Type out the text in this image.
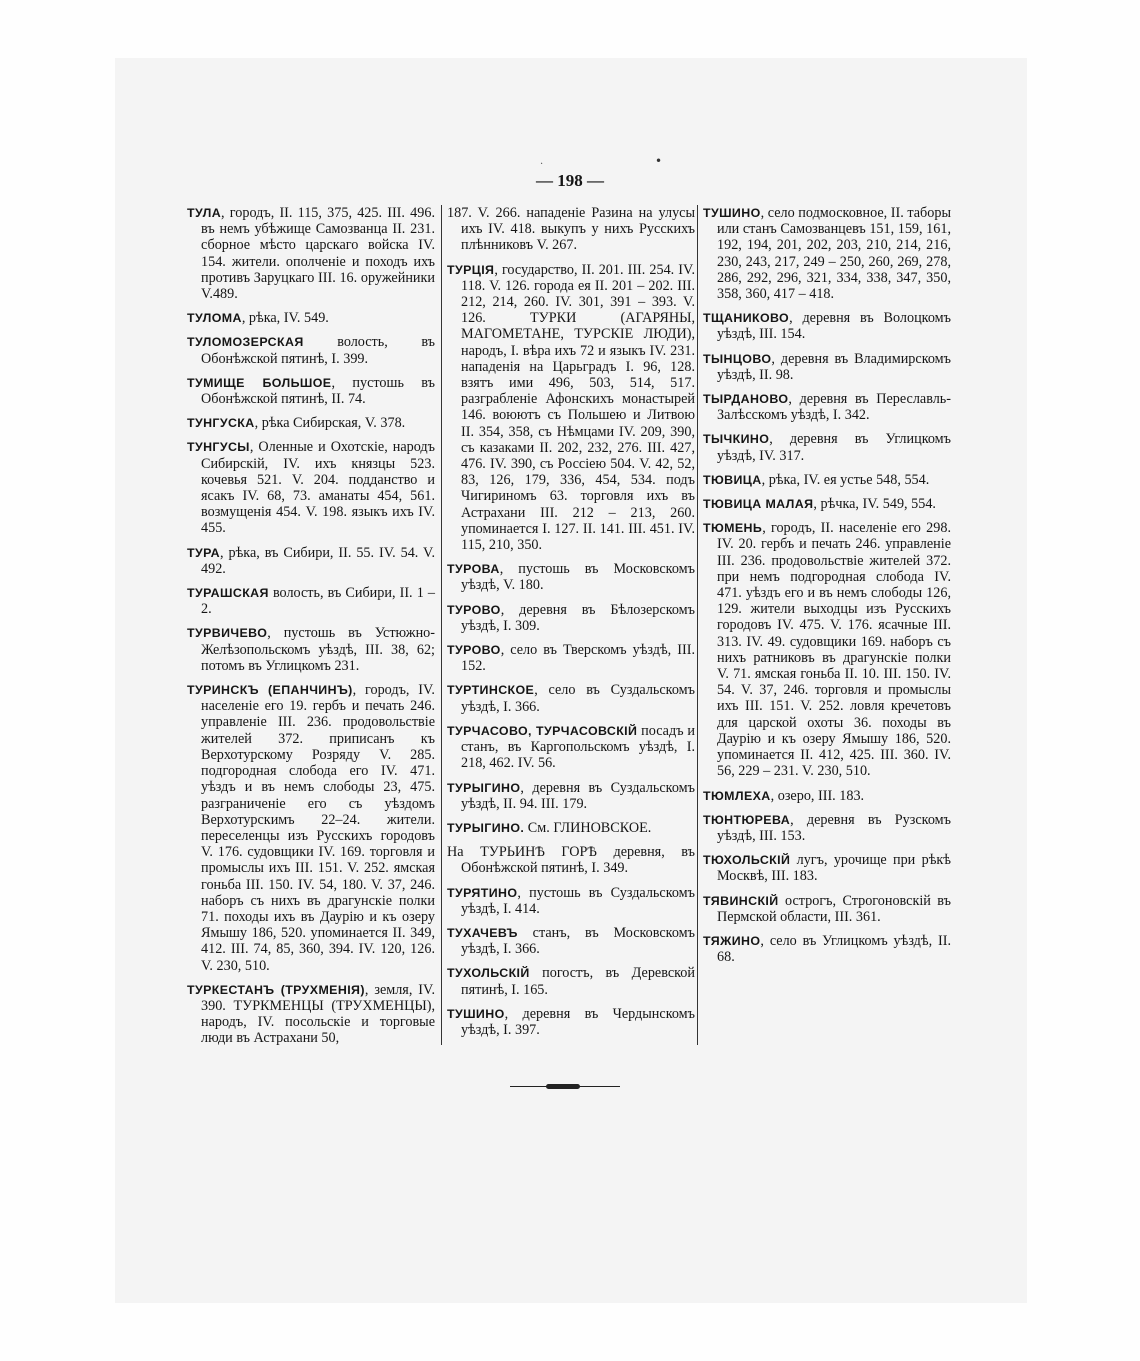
.	•
— 198 —

ТУЛА, городъ, II. 115, 375, 425. III. 496. въ немъ убѣжище Самозванца II. 231. сборное мѣсто царскаго войска IV. 154. жители. ополченіе и походъ ихъ противъ Заруцкаго III. 16. оружейники V.489.

ТУЛОМА, рѣка, IV. 549.

ТУЛОМОЗЕРСКАЯ волость, въ Обонѣжской пятинѣ, I. 399.

ТУМИЩЕ БОЛЬШОЕ, пустошь въ Обонѣжской пятинѣ, II. 74.

ТУНГУСКА, рѣка Сибирская, V. 378.

ТУНГУСЫ, Оленные и Охотскіе, народъ Сибирскій, IV. ихъ князцы 523. кочевья 521. V. 204. подданство и ясакъ IV. 68, 73. аманаты 454, 561. возмущенія 454. V. 198. языкъ ихъ IV. 455.

ТУРА, рѣка, въ Сибири, II. 55. IV. 54. V. 492.

ТУРАШСКАЯ волость, въ Сибири, II. 1 – 2.

ТУРВИЧЕВО, пустошь въ Устюжно-Желѣзопольскомъ уѣздѣ, III. 38, 62; потомъ въ Углицкомъ 231.

ТУРИНСКЪ (ЕПАНЧИНЪ), городъ, IV. населеніе его 19. гербъ и печать 246. управленіе III. 236. продовольствіе жителей 372. приписанъ къ Верхотурскому Розряду V. 285. подгородная слобода его IV. 471. уѣздъ и въ немъ слободы 23, 475. разграниченіе его съ уѣздомъ Верхотурскимъ 22–24. жители. переселенцы изъ Русскихъ городовъ V. 176. судовщики IV. 169. торговля и промыслы ихъ III. 151. V. 252. ямская гоньба III. 150. IV. 54, 180. V. 37, 246. наборъ съ нихъ въ драгунскіе полки 71. походы ихъ въ Даурію и къ озеру Ямышу 186, 520. упоминается II. 349, 412. III. 74, 85, 360, 394. IV. 120, 126. V. 230, 510.

ТУРКЕСТАНЪ (ТРУХМЕНІЯ), земля, IV. 390. ТУРКМЕНЦЫ (ТРУХМЕНЦЫ), народъ, IV. посольскіе и торговые люди въ Астрахани 50,

187. V. 266. нападеніе Разина на улусы ихъ IV. 418. выкупъ у нихъ Русскихъ плѣнниковъ V. 267.

ТУРЦІЯ, государство, II. 201. III. 254. IV. 118. V. 126. города ея II. 201 – 202. III. 212, 214, 260. IV. 301, 391 – 393. V. 126. ТУРКИ (АГАРЯНЫ, МАГОМЕТАНЕ, ТУРСКІЕ ЛЮДИ), народъ, I. вѣра ихъ 72 и языкъ IV. 231. нападенія на Царьградъ I. 96, 128. взятъ ими 496, 503, 514, 517. разграбленіе Афонскихъ монастырей 146. воюютъ съ Польшею и Литвою II. 354, 358, съ Нѣмцами IV. 209, 390, съ казаками II. 202, 232, 276. III. 427, 476. IV. 390, съ Россіею 504. V. 42, 52, 83, 126, 179, 336, 454, 534. подъ Чигириномъ 63. торговля ихъ въ Астрахани III. 212 – 213, 260. упоминается I. 127. II. 141. III. 451. IV. 115, 210, 350.

ТУРОВА, пустошь въ Московскомъ уѣздѣ, V. 180.

ТУРОВО, деревня въ Бѣлозерскомъ уѣздѣ, I. 309.

ТУРОВО, село въ Тверскомъ уѣздѣ, III. 152.

ТУРТИНСКОЕ, село въ Суздальскомъ уѣздѣ, I. 366.

ТУРЧАСОВО, ТУРЧАСОВСКІЙ посадъ и станъ, въ Каргопольскомъ уѣздѣ, I. 218, 462. IV. 56.

ТУРЫГИНО, деревня въ Суздальскомъ уѣздѣ, II. 94. III. 179.

ТУРЫГИНО. См. ГЛИНОВСКОЕ.

На ТУРЬИНѢ ГОРѢ деревня, въ Обонѣжской пятинѣ, I. 349.

ТУРЯТИНО, пустошь въ Суздальскомъ уѣздѣ, I. 414.

ТУХАЧЕВЪ станъ, въ Московскомъ уѣздѣ, I. 366.

ТУХОЛЬСКІЙ погостъ, въ Деревской пятинѣ, I. 165.

ТУШИНО, деревня въ Чердынскомъ уѣздѣ, I. 397.

ТУШИНО, село подмосковное, II. таборы или станъ Самозванцевъ 151, 159, 161, 192, 194, 201, 202, 203, 210, 214, 216, 230, 243, 217, 249 – 250, 260, 269, 278, 286, 292, 296, 321, 334, 338, 347, 350, 358, 360, 417 – 418.

ТЩАНИКОВО, деревня въ Волоцкомъ уѣздѣ, III. 154.

ТЫНЦОВО, деревня въ Владимирскомъ уѣздѣ, II. 98.

ТЫРДАНОВО, деревня въ Переславль-Залѣсскомъ уѣздѣ, I. 342.

ТЫЧКИНО, деревня въ Углицкомъ уѣздѣ, IV. 317.

ТЮВИЦА, рѣка, IV. ея устье 548, 554.

ТЮВИЦА МАЛАЯ, рѣчка, IV. 549, 554.

ТЮМЕНЬ, городъ, II. населеніе его 298. IV. 20. гербъ и печать 246. управленіе III. 236. продовольствіе жителей 372. при немъ подгородная слобода IV. 471. уѣздъ его и въ немъ слободы 126, 129. жители выходцы изъ Русскихъ городовъ IV. 475. V. 176. ясачные III. 313. IV. 49. судовщики 169. наборъ съ нихъ ратниковъ въ драгунскіе полки V. 71. ямская гоньба II. 10. III. 150. IV. 54. V. 37, 246. торговля и промыслы ихъ III. 151. V. 252. ловля кречетовъ для царской охоты 36. походы въ Даурію и къ озеру Ямышу 186, 520. упоминается II. 412, 425. III. 360. IV. 56, 229 – 231. V. 230, 510.

ТЮМЛЕХА, озеро, III. 183.

ТЮНТЮРЕВА, деревня въ Рузскомъ уѣздѣ, III. 153.

ТЮХОЛЬСКІЙ лугъ, урочище при рѣкѣ Москвѣ, III. 183.

ТЯВИНСКІЙ острогъ, Строгоновскій въ Пермской области, III. 361.

ТЯЖИНО, село въ Углицкомъ уѣздѣ, II. 68.
